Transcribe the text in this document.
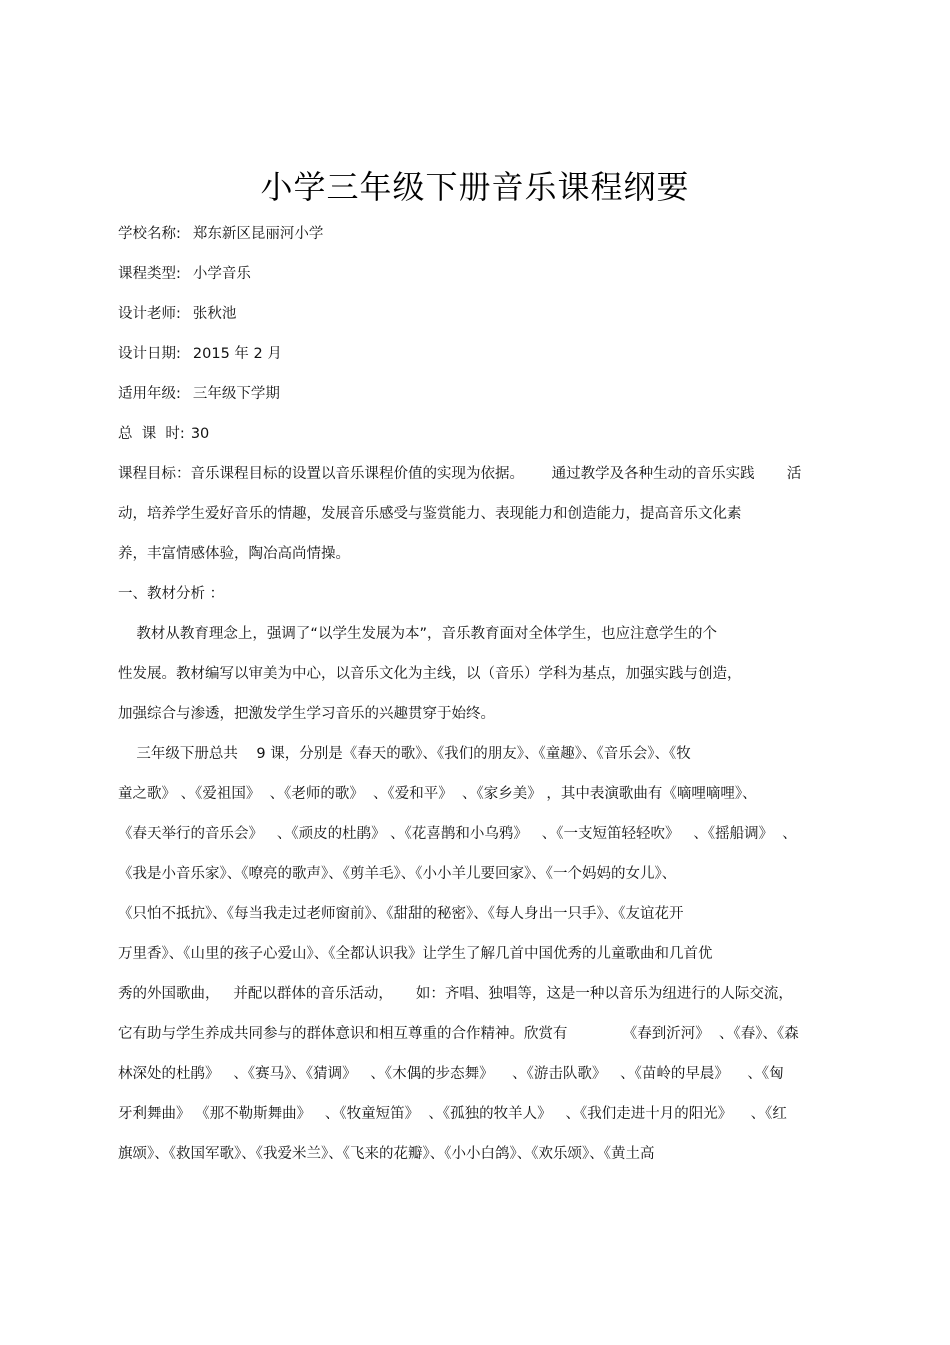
小学三年级下册音乐课程纲要
学校名称: 郑东新区昆丽河小学
课程类型: 小学音乐
设计老师: 张秋池
设计日期: 2015 年 2 月
适用年级: 三年级下学期
总  课  时: 30
课程目标：音乐课程目标的设置以音乐课程价值的实现为依据。      通过教学及各种生动的音乐实践       活
动，培养学生爱好音乐的情趣，发展音乐感受与鉴赏能力、表现能力和创造能力，提高音乐文化素
养，丰富情感体验，陶冶高尚情操。
一、教材分析 ：
教材从教育理念上，强调了“以学生发展为本”，音乐教育面对全体学生，也应注意学生的个
性发展。教材编写以审美为中心，以音乐文化为主线，以（音乐）学科为基点，加强实践与创造，
加强综合与渗透，把激发学生学习音乐的兴趣贯穿于始终。
三年级下册总共    9 课，分别是《春天的歌》、《我们的朋友》、《童趣》、《音乐会》、《牧
童之歌》 、《爱祖国》  、《老师的歌》  、《爱和平》  、《家乡美》 ，其中表演歌曲有《嘀哩嘀哩》、
《春天举行的音乐会》   、《顽皮的杜鹃》 、《花喜鹊和小乌鸦》   、《一支短笛轻轻吹》   、《摇船调》  、
《我是小音乐家》、《嘹亮的歌声》、《剪羊毛》、《小小羊儿要回家》、《一个妈妈的女儿》、
《只怕不抵抗》、《每当我走过老师窗前》、《甜甜的秘密》、《每人身出一只手》、《友谊花开
万里香》、《山里的孩子心爱山》、《全都认识我》让学生了解几首中国优秀的儿童歌曲和几首优
秀的外国歌曲，   并配以群体的音乐活动，     如：齐唱、独唱等，这是一种以音乐为纽进行的人际交流，
它有助与学生养成共同参与的群体意识和相互尊重的合作精神。欣赏有            《春到沂河》  、《春》、《森
林深处的杜鹃》   、《赛马》、《猜调》   、《木偶的步态舞》    、《游击队歌》   、《苗岭的早晨》    、《匈
牙利舞曲》 《那不勒斯舞曲》   、《牧童短笛》  、《孤独的牧羊人》   、《我们走进十月的阳光》    、《红
旗颂》、《救国军歌》、《我爱米兰》、《飞来的花瓣》、《小小白鸽》、《欢乐颂》、《黄土高
